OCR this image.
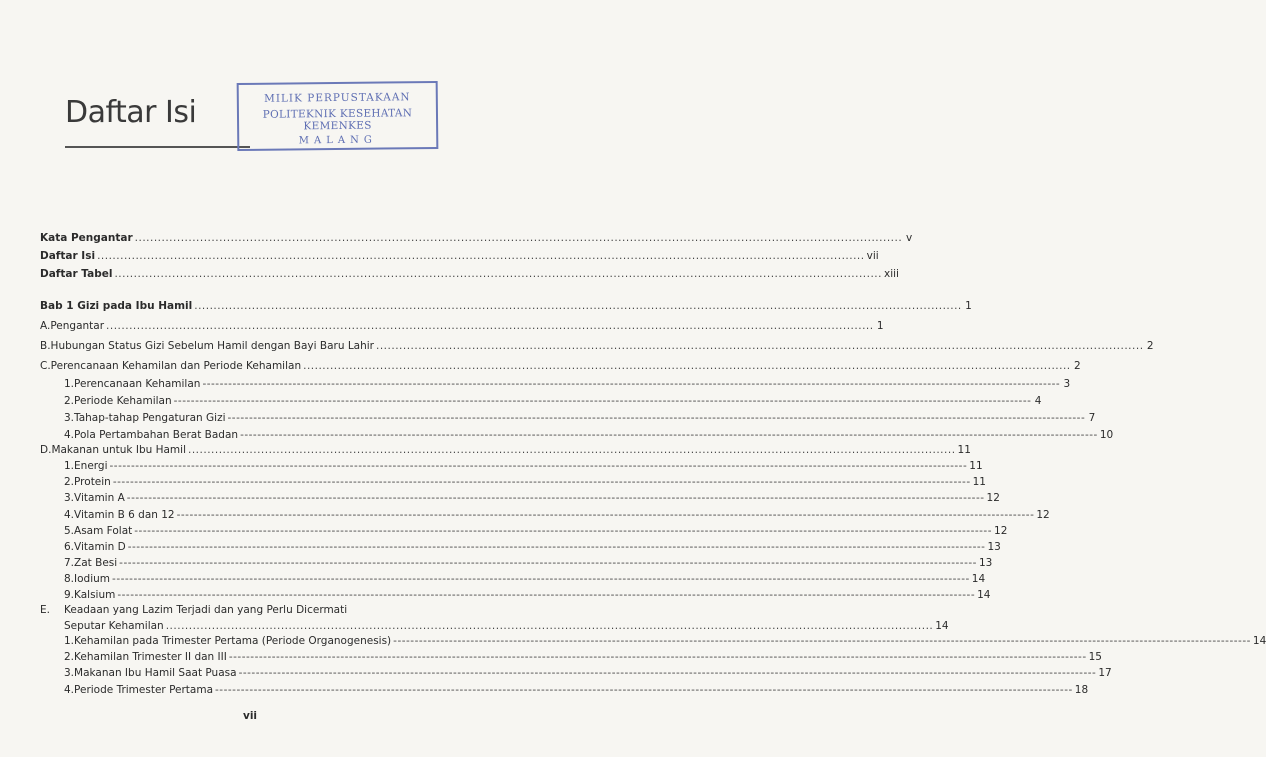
Daftar Isi	MILIK PERPUSTAKAAN
POLITEKNIK KESEHATAN KEMENKES
MALANG
Kata Pengantar ........................................................................................................................................................................................................ v
Daftar Isi ........................................................................................................................................................................................................ vii
Daftar Tabel ........................................................................................................................................................................................................ xiii
Bab 1 Gizi pada Ibu Hamil ........................................................................................................................................................................................................ 1
A. Pengantar ........................................................................................................................................................................................................ 1
B. Hubungan Status Gizi Sebelum Hamil dengan Bayi Baru Lahir ........................................................................................................................................................................................................ 2
C. Perencanaan Kehamilan dan Periode Kehamilan ........................................................................................................................................................................................................ 2
1. Perencanaan Kehamilan -------------------------------------------------------------------------------------------------------------------------------------------------------------------------------------------------------- 3
2. Periode Kehamilan -------------------------------------------------------------------------------------------------------------------------------------------------------------------------------------------------------- 4
3. Tahap-tahap Pengaturan Gizi -------------------------------------------------------------------------------------------------------------------------------------------------------------------------------------------------------- 7
4. Pola Pertambahan Berat Badan -------------------------------------------------------------------------------------------------------------------------------------------------------------------------------------------------------- 10
D. Makanan untuk Ibu Hamil ........................................................................................................................................................................................................ 11
1. Energi -------------------------------------------------------------------------------------------------------------------------------------------------------------------------------------------------------- 11
2. Protein -------------------------------------------------------------------------------------------------------------------------------------------------------------------------------------------------------- 11
3. Vitamin A -------------------------------------------------------------------------------------------------------------------------------------------------------------------------------------------------------- 12
4. Vitamin B 6 dan 12 -------------------------------------------------------------------------------------------------------------------------------------------------------------------------------------------------------- 12
5. Asam Folat -------------------------------------------------------------------------------------------------------------------------------------------------------------------------------------------------------- 12
6. Vitamin D -------------------------------------------------------------------------------------------------------------------------------------------------------------------------------------------------------- 13
7. Zat Besi -------------------------------------------------------------------------------------------------------------------------------------------------------------------------------------------------------- 13
8. Iodium -------------------------------------------------------------------------------------------------------------------------------------------------------------------------------------------------------- 14
9. Kalsium -------------------------------------------------------------------------------------------------------------------------------------------------------------------------------------------------------- 14
E.	Keadaan yang Lazim Terjadi dan yang Perlu Dicermati
Seputar Kehamilan ........................................................................................................................................................................................................ 14
1. Kehamilan pada Trimester Pertama (Periode Organogenesis) -------------------------------------------------------------------------------------------------------------------------------------------------------------------------------------------------------- 14
2. Kehamilan Trimester II dan III -------------------------------------------------------------------------------------------------------------------------------------------------------------------------------------------------------- 15
3. Makanan Ibu Hamil Saat Puasa -------------------------------------------------------------------------------------------------------------------------------------------------------------------------------------------------------- 17
4. Periode Trimester Pertama -------------------------------------------------------------------------------------------------------------------------------------------------------------------------------------------------------- 18
vii
